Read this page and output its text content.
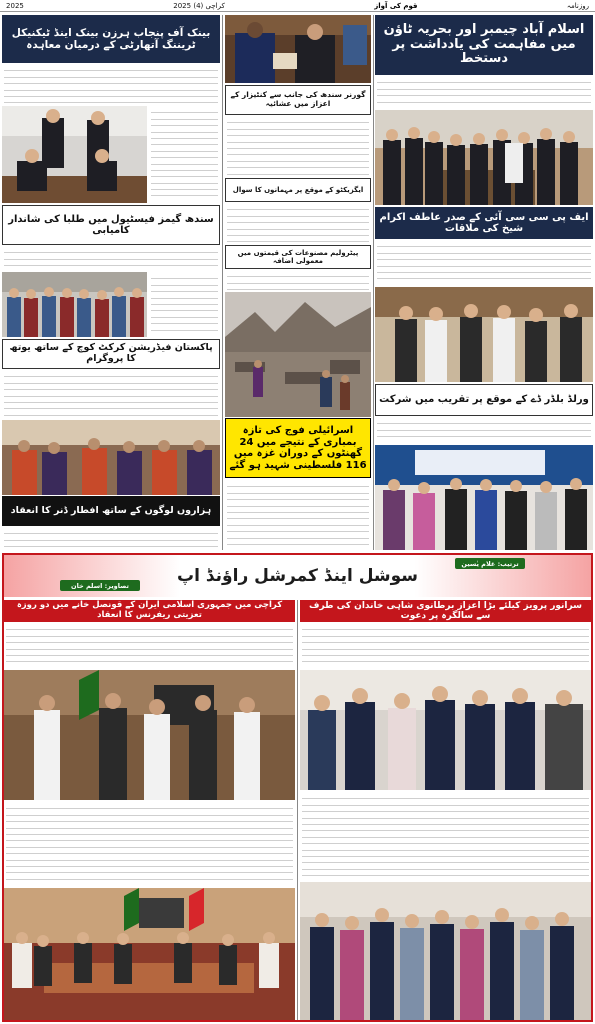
روزنامہ
قوم کی آواز
کراچی (4) 2025
2025
اسلام آباد چیمبر اور بحریہ ٹاؤن میں مفاہمت کی یادداشت پر دستخط
ایف پی سی سی آئی کے صدر عاطف اکرام شیخ کی ملاقات
ورلڈ بلڈر ڈے کے موقع پر تقریب میں شرکت
گورنر سندھ کی جانب سے کنٹیزار کے اعزاز میں عشائیہ
ایگزیکٹو کے موقع پر مہمانوں کا سوال
پیٹرولیم مصنوعات کی قیمتوں میں معمولی اضافہ
اسرائیلی فوج کی تازہ بمباری کے نتیجے میں 24 گھنٹوں کے دوران غزہ میں 116 فلسطینی شہید ہو گئے
بینک آف پنجاب ہرزن بینک اینڈ ٹیکنیکل ٹریننگ آتھارٹی کے درمیان معاہدہ
سندھ گیمز فیسٹیول میں طلبا کی شاندار کامیابی
پاکستان فیڈریشن کرکٹ کوچ کے ساتھ یوتھ کا پروگرام
ہزاروں لوگوں کے ساتھ افطار ڈنر کا انعقاد
سوشل اینڈ کمرشل راؤنڈ اپ
ترتیب: غلام یٰسین
تصاویر: اسلم خان
سرانور پرویز کیلئے بڑا اعزاز برطانوی شاہی خاندان کی طرف سے سالگرہ پر دعوت
کراچی میں جمہوری اسلامی ایران کے قونصل خانے میں دو روزہ تعزیتی ریفرنس کا انعقاد
